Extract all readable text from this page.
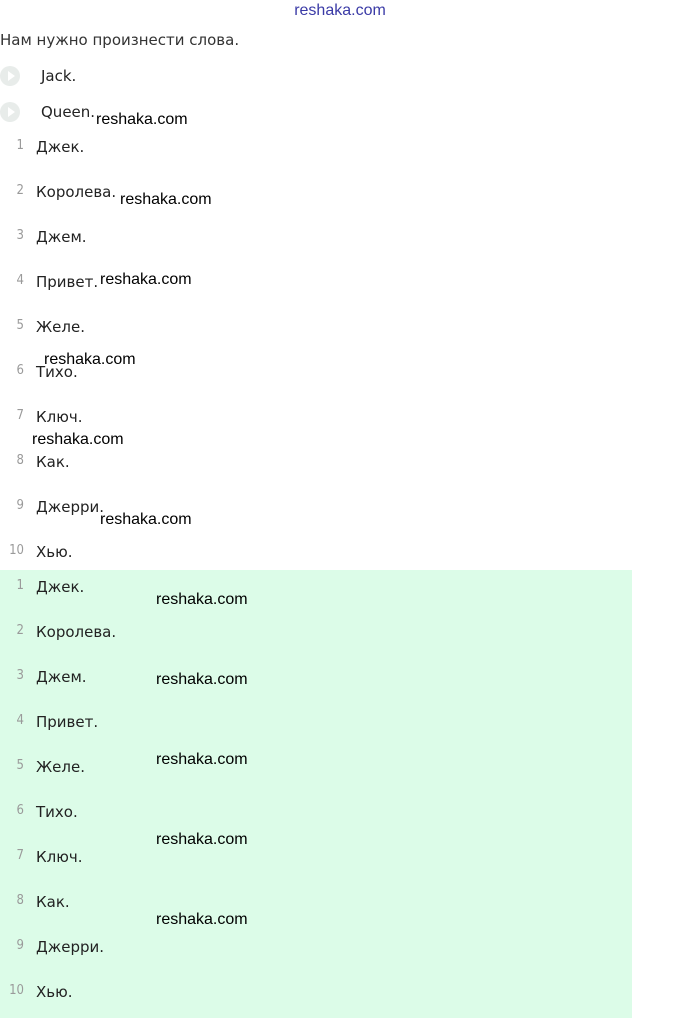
reshaka.com
Нам нужно произнести слова.
Jack.
Queen.
1 Джек.
2 Королева.
3 Джем.
4 Привет.
5 Желе.
6 Тихо.
7 Ключ.
8 Как.
9 Джерри.
10 Хью.
1 Джек.
2 Королева.
3 Джем.
4 Привет.
5 Желе.
6 Тихо.
7 Ключ.
8 Как.
9 Джерри.
10 Хью.
reshaka.com
reshaka.com
reshaka.com
reshaka.com
reshaka.com
reshaka.com
reshaka.com
reshaka.com
reshaka.com
reshaka.com
reshaka.com
